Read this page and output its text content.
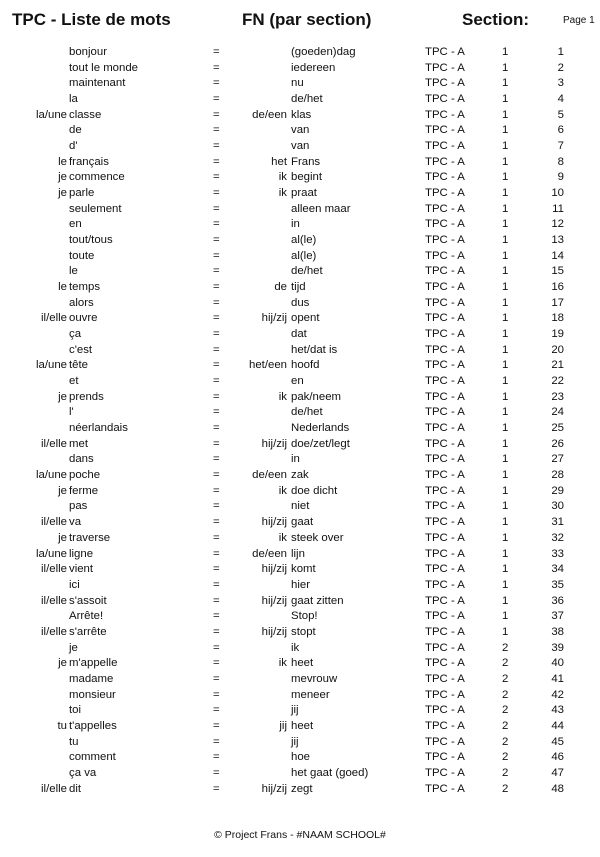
TPC - Liste de mots	FN (par section)	Section:	Page 1
bonjour	=	(goeden)dag	TPC - A	1	1
tout le monde	=	iedereen	TPC - A	1	2
maintenant	=	nu	TPC - A	1	3
la	=	de/het	TPC - A	1	4
la/une classe	=	de/een klas	TPC - A	1	5
de	=	van	TPC - A	1	6
d'	=	van	TPC - A	1	7
le français	=	het Frans	TPC - A	1	8
je commence	=	ik begint	TPC - A	1	9
je parle	=	ik praat	TPC - A	1	10
seulement	=	alleen maar	TPC - A	1	11
en	=	in	TPC - A	1	12
tout/tous	=	al(le)	TPC - A	1	13
toute	=	al(le)	TPC - A	1	14
le	=	de/het	TPC - A	1	15
le temps	=	de tijd	TPC - A	1	16
alors	=	dus	TPC - A	1	17
il/elle ouvre	=	hij/zij opent	TPC - A	1	18
ça	=	dat	TPC - A	1	19
c'est	=	het/dat is	TPC - A	1	20
la/une tête	=	het/een hoofd	TPC - A	1	21
et	=	en	TPC - A	1	22
je prends	=	ik pak/neem	TPC - A	1	23
l'	=	de/het	TPC - A	1	24
néerlandais	=	Nederlands	TPC - A	1	25
il/elle met	=	hij/zij doe/zet/legt	TPC - A	1	26
dans	=	in	TPC - A	1	27
la/une poche	=	de/een zak	TPC - A	1	28
je ferme	=	ik doe dicht	TPC - A	1	29
pas	=	niet	TPC - A	1	30
il/elle va	=	hij/zij gaat	TPC - A	1	31
je traverse	=	ik steek over	TPC - A	1	32
la/une ligne	=	de/een lijn	TPC - A	1	33
il/elle vient	=	hij/zij komt	TPC - A	1	34
ici	=	hier	TPC - A	1	35
il/elle s'assoit	=	hij/zij gaat zitten	TPC - A	1	36
Arrête!	=	Stop!	TPC - A	1	37
il/elle s'arrête	=	hij/zij stopt	TPC - A	1	38
je	=	ik	TPC - A	2	39
je m'appelle	=	ik heet	TPC - A	2	40
madame	=	mevrouw	TPC - A	2	41
monsieur	=	meneer	TPC - A	2	42
toi	=	jij	TPC - A	2	43
tu t'appelles	=	jij heet	TPC - A	2	44
tu	=	jij	TPC - A	2	45
comment	=	hoe	TPC - A	2	46
ça va	=	het gaat (goed)	TPC - A	2	47
il/elle dit	=	hij/zij zegt	TPC - A	2	48
© Project Frans - #NAAM SCHOOL#
